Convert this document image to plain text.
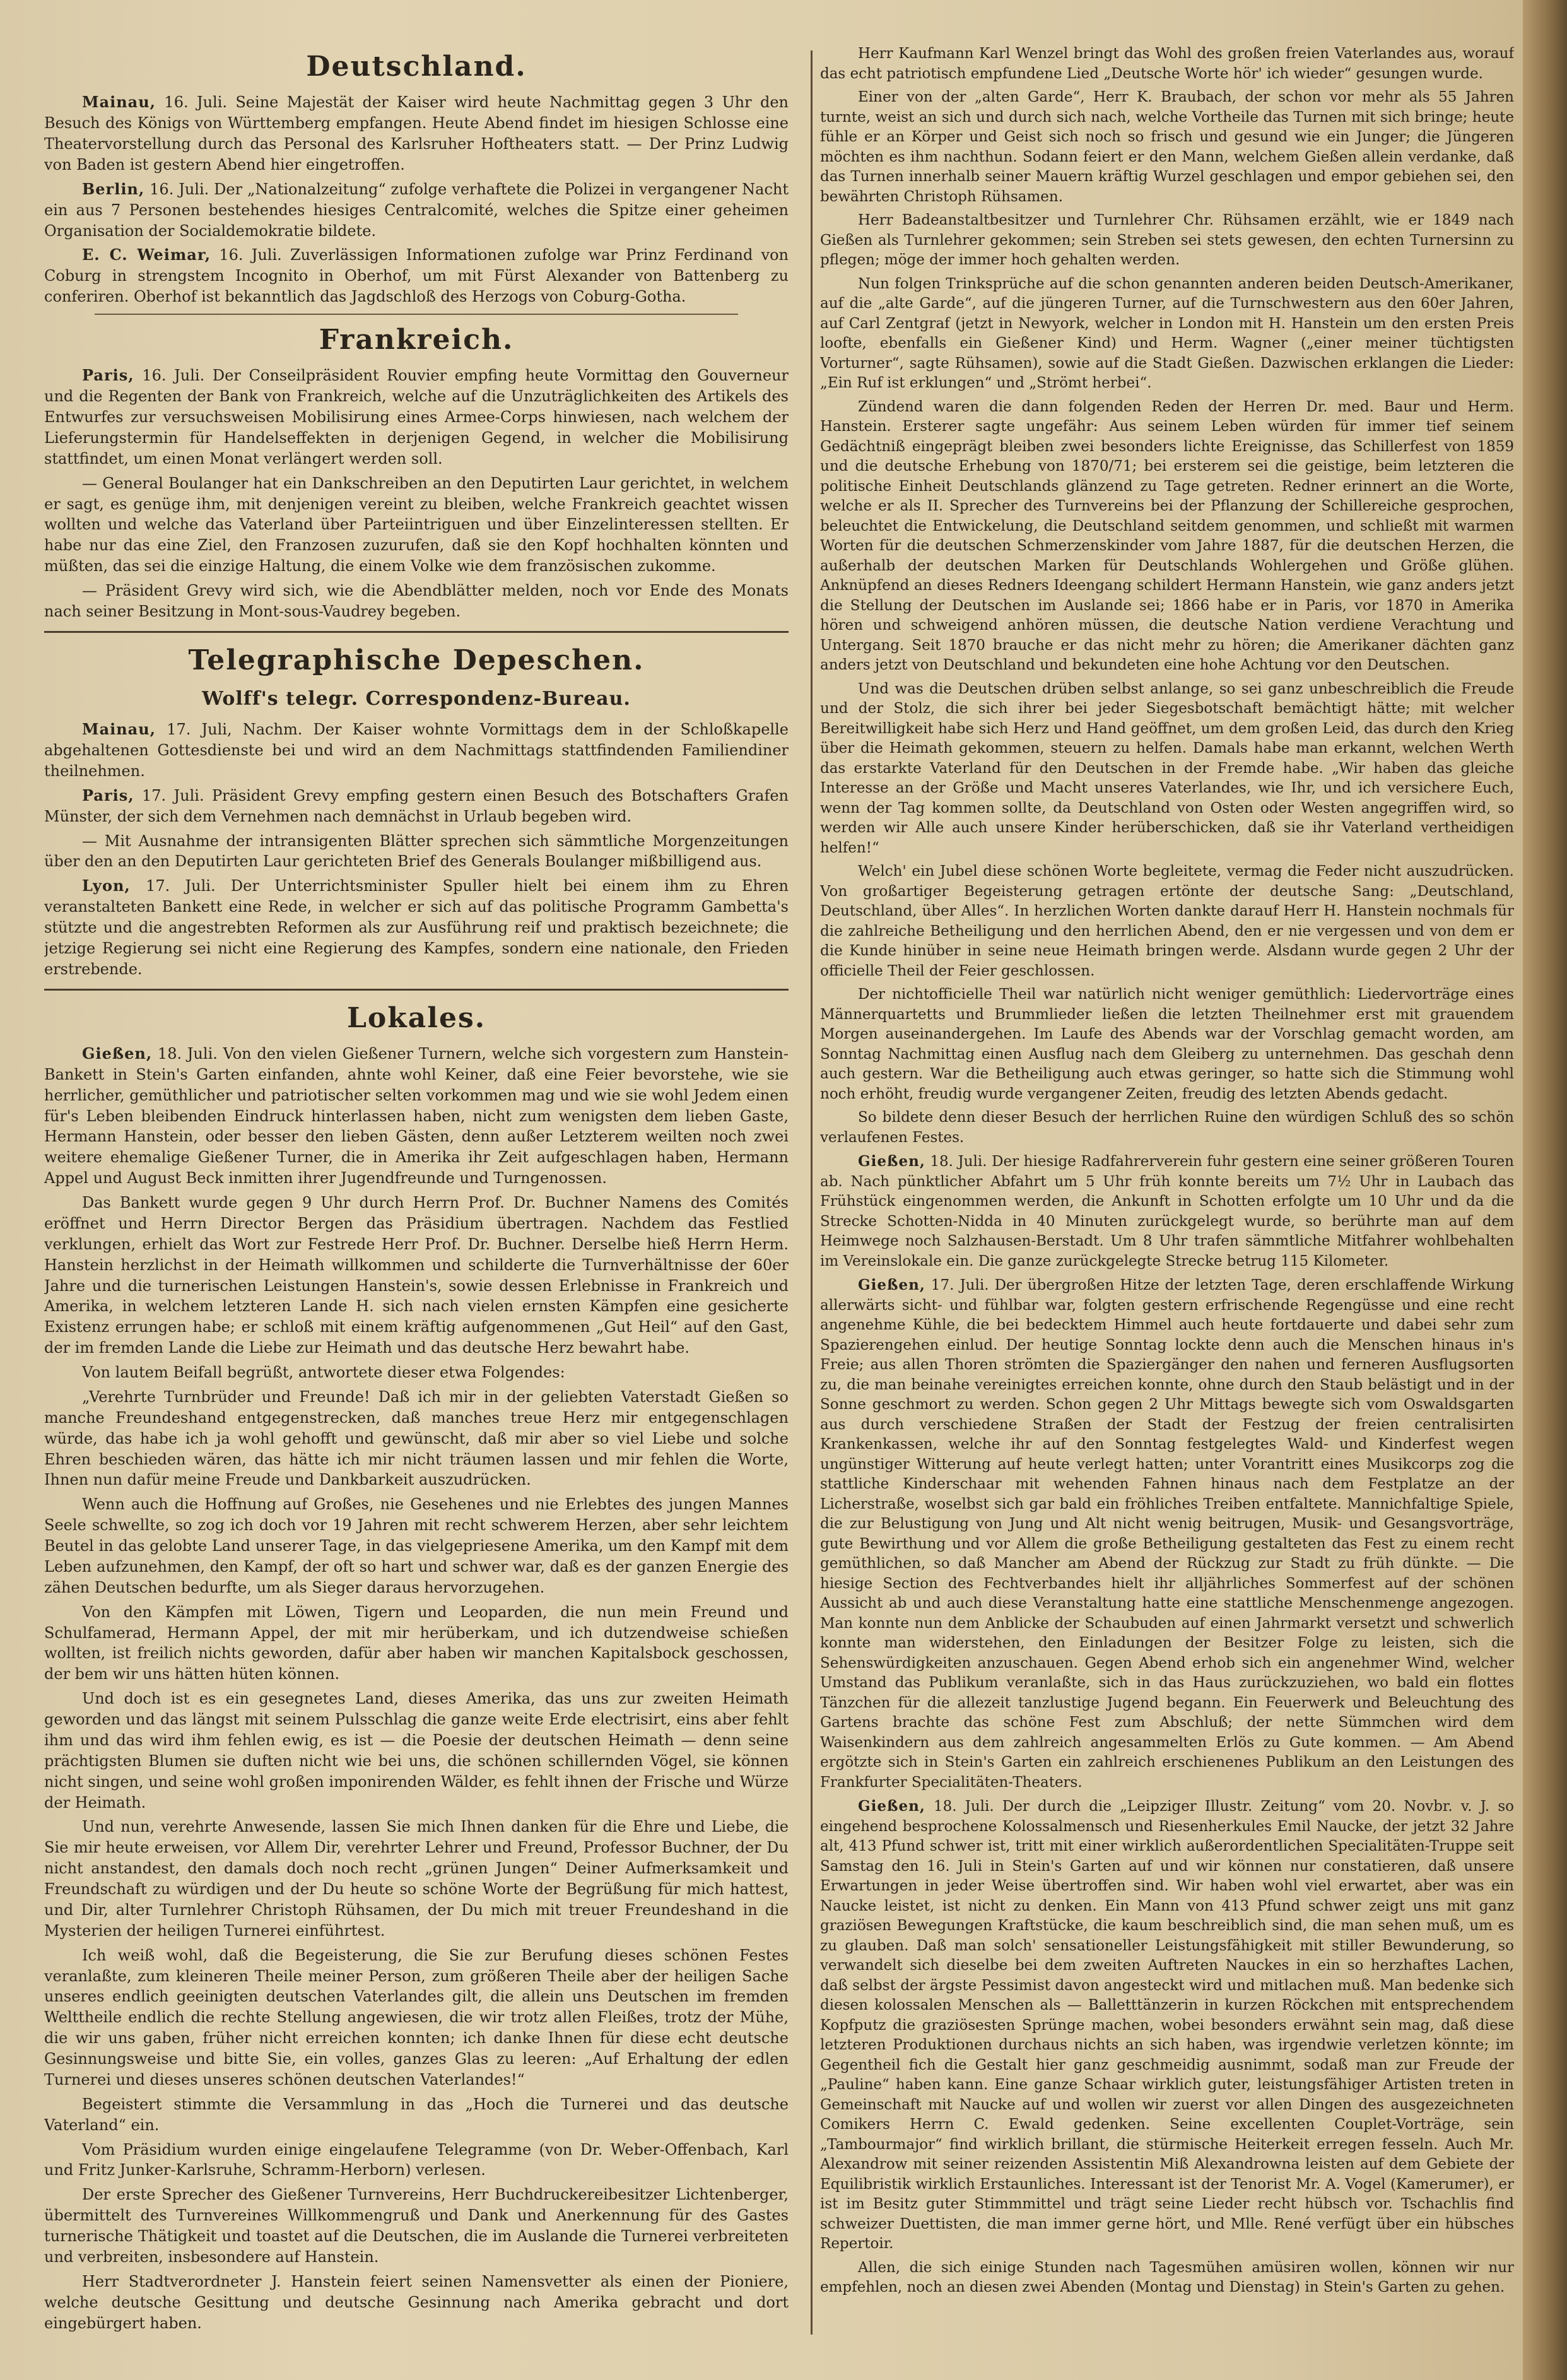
Deutschland.

Mainau, 16. Juli. Seine Majestät der Kaiser wird heute Nachmittag gegen 3 Uhr den Besuch des Königs von Württemberg empfangen. Heute Abend findet im hiesigen Schlosse eine Theatervorstellung durch das Personal des Karlsruher Hoftheaters statt. — Der Prinz Ludwig von Baden ist gestern Abend hier eingetroffen.

Berlin, 16. Juli. Der „Nationalzeitung“ zufolge verhaftete die Polizei in vergangener Nacht ein aus 7 Personen bestehendes hiesiges Centralcomité, welches die Spitze einer geheimen Organisation der Socialdemokratie bildete.

E. C. Weimar, 16. Juli. Zuverlässigen Informationen zufolge war Prinz Ferdinand von Coburg in strengstem Incognito in Oberhof, um mit Fürst Alexander von Battenberg zu conferiren. Oberhof ist bekanntlich das Jagdschloß des Herzogs von Coburg-Gotha.

Frankreich.

Paris, 16. Juli. Der Conseilpräsident Rouvier empfing heute Vormittag den Gouverneur und die Regenten der Bank von Frankreich, welche auf die Unzuträglichkeiten des Artikels des Entwurfes zur versuchsweisen Mobilisirung eines Armee-Corps hinwiesen, nach welchem der Lieferungstermin für Handelseffekten in derjenigen Gegend, in welcher die Mobilisirung stattfindet, um einen Monat verlängert werden soll.

— General Boulanger hat ein Dankschreiben an den Deputirten Laur gerichtet, in welchem er sagt, es genüge ihm, mit denjenigen vereint zu bleiben, welche Frankreich geachtet wissen wollten und welche das Vaterland über Parteiintriguen und über Einzelinteressen stellten. Er habe nur das eine Ziel, den Franzosen zuzurufen, daß sie den Kopf hochhalten könnten und müßten, das sei die einzige Haltung, die einem Volke wie dem französischen zukomme.

— Präsident Grevy wird sich, wie die Abendblätter melden, noch vor Ende des Monats nach seiner Besitzung in Mont-sous-Vaudrey begeben.

Telegraphische Depeschen.
Wolff's telegr. Correspondenz-Bureau.

Mainau, 17. Juli, Nachm. Der Kaiser wohnte Vormittags dem in der Schloßkapelle abgehaltenen Gottesdienste bei und wird an dem Nachmittags stattfindenden Familiendiner theilnehmen.

Paris, 17. Juli. Präsident Grevy empfing gestern einen Besuch des Botschafters Grafen Münster, der sich dem Vernehmen nach demnächst in Urlaub begeben wird.

— Mit Ausnahme der intransigenten Blätter sprechen sich sämmtliche Morgenzeitungen über den an den Deputirten Laur gerichteten Brief des Generals Boulanger mißbilligend aus.

Lyon, 17. Juli. Der Unterrichtsminister Spuller hielt bei einem ihm zu Ehren veranstalteten Bankett eine Rede, in welcher er sich auf das politische Programm Gambetta's stützte und die angestrebten Reformen als zur Ausführung reif und praktisch bezeichnete; die jetzige Regierung sei nicht eine Regierung des Kampfes, sondern eine nationale, den Frieden erstrebende.

Lokales.

Gießen, 18. Juli. Von den vielen Gießener Turnern, welche sich vorgestern zum Hanstein-Bankett in Stein's Garten einfanden, ahnte wohl Keiner, daß eine Feier bevorstehe, wie sie herrlicher, gemüthlicher und patriotischer selten vorkommen mag und wie sie wohl Jedem einen für's Leben bleibenden Eindruck hinterlassen haben, nicht zum wenigsten dem lieben Gaste, Hermann Hanstein, oder besser den lieben Gästen, denn außer Letzterem weilten noch zwei weitere ehemalige Gießener Turner, die in Amerika ihr Zeit aufgeschlagen haben, Hermann Appel und August Beck inmitten ihrer Jugendfreunde und Turngenossen.

Das Bankett wurde gegen 9 Uhr durch Herrn Prof. Dr. Buchner Namens des Comités eröffnet und Herrn Director Bergen das Präsidium übertragen. Nachdem das Festlied verklungen, erhielt das Wort zur Festrede Herr Prof. Dr. Buchner. Derselbe hieß Herrn Herm. Hanstein herzlichst in der Heimath willkommen und schilderte die Turnverhältnisse der 60er Jahre und die turnerischen Leistungen Hanstein's, sowie dessen Erlebnisse in Frankreich und Amerika, in welchem letzteren Lande H. sich nach vielen ernsten Kämpfen eine gesicherte Existenz errungen habe; er schloß mit einem kräftig aufgenommenen „Gut Heil“ auf den Gast, der im fremden Lande die Liebe zur Heimath und das deutsche Herz bewahrt habe.

Von lautem Beifall begrüßt, antwortete dieser etwa Folgendes:

„Verehrte Turnbrüder und Freunde! Daß ich mir in der geliebten Vaterstadt Gießen so manche Freundeshand entgegenstrecken, daß manches treue Herz mir entgegenschlagen würde, das habe ich ja wohl gehofft und gewünscht, daß mir aber so viel Liebe und solche Ehren beschieden wären, das hätte ich mir nicht träumen lassen und mir fehlen die Worte, Ihnen nun dafür meine Freude und Dankbarkeit auszudrücken.

Wenn auch die Hoffnung auf Großes, nie Gesehenes und nie Erlebtes des jungen Mannes Seele schwellte, so zog ich doch vor 19 Jahren mit recht schwerem Herzen, aber sehr leichtem Beutel in das gelobte Land unserer Tage, in das vielgepriesene Amerika, um den Kampf mit dem Leben aufzunehmen, den Kampf, der oft so hart und schwer war, daß es der ganzen Energie des zähen Deutschen bedurfte, um als Sieger daraus hervorzugehen.

Von den Kämpfen mit Löwen, Tigern und Leoparden, die nun mein Freund und Schulfamerad, Hermann Appel, der mit mir herüberkam, und ich dutzendweise schießen wollten, ist freilich nichts geworden, dafür aber haben wir manchen Kapitalsbock geschossen, der bem wir uns hätten hüten können.

Und doch ist es ein gesegnetes Land, dieses Amerika, das uns zur zweiten Heimath geworden und das längst mit seinem Pulsschlag die ganze weite Erde electrisirt, eins aber fehlt ihm und das wird ihm fehlen ewig, es ist — die Poesie der deutschen Heimath — denn seine prächtigsten Blumen sie duften nicht wie bei uns, die schönen schillernden Vögel, sie können nicht singen, und seine wohl großen imponirenden Wälder, es fehlt ihnen der Frische und Würze der Heimath.

Und nun, verehrte Anwesende, lassen Sie mich Ihnen danken für die Ehre und Liebe, die Sie mir heute erweisen, vor Allem Dir, verehrter Lehrer und Freund, Professor Buchner, der Du nicht anstandest, den damals doch noch recht „grünen Jungen“ Deiner Aufmerksamkeit und Freundschaft zu würdigen und der Du heute so schöne Worte der Begrüßung für mich hattest, und Dir, alter Turnlehrer Christoph Rühsamen, der Du mich mit treuer Freundeshand in die Mysterien der heiligen Turnerei einführtest.

Ich weiß wohl, daß die Begeisterung, die Sie zur Berufung dieses schönen Festes veranlaßte, zum kleineren Theile meiner Person, zum größeren Theile aber der heiligen Sache unseres endlich geeinigten deutschen Vaterlandes gilt, die allein uns Deutschen im fremden Welttheile endlich die rechte Stellung angewiesen, die wir trotz allen Fleißes, trotz der Mühe, die wir uns gaben, früher nicht erreichen konnten; ich danke Ihnen für diese echt deutsche Gesinnungsweise und bitte Sie, ein volles, ganzes Glas zu leeren: „Auf Erhaltung der edlen Turnerei und dieses unseres schönen deutschen Vaterlandes!“

Begeistert stimmte die Versammlung in das „Hoch die Turnerei und das deutsche Vaterland“ ein.

Vom Präsidium wurden einige eingelaufene Telegramme (von Dr. Weber-Offenbach, Karl und Fritz Junker-Karlsruhe, Schramm-Herborn) verlesen.

Der erste Sprecher des Gießener Turnvereins, Herr Buchdruckereibesitzer Lichtenberger, übermittelt des Turnvereines Willkommengruß und Dank und Anerkennung für des Gastes turnerische Thätigkeit und toastet auf die Deutschen, die im Auslande die Turnerei verbreiteten und verbreiten, insbesondere auf Hanstein.

Herr Stadtverordneter J. Hanstein feiert seinen Namensvetter als einen der Pioniere, welche deutsche Gesittung und deutsche Gesinnung nach Amerika gebracht und dort eingebürgert haben.

Herr Kaufmann Karl Wenzel bringt das Wohl des großen freien Vaterlandes aus, worauf das echt patriotisch empfundene Lied „Deutsche Worte hör' ich wieder“ gesungen wurde.

Einer von der „alten Garde“, Herr K. Braubach, der schon vor mehr als 55 Jahren turnte, weist an sich und durch sich nach, welche Vortheile das Turnen mit sich bringe; heute fühle er an Körper und Geist sich noch so frisch und gesund wie ein Junger; die Jüngeren möchten es ihm nachthun. Sodann feiert er den Mann, welchem Gießen allein verdanke, daß das Turnen innerhalb seiner Mauern kräftig Wurzel geschlagen und empor gebiehen sei, den bewährten Christoph Rühsamen.

Herr Badeanstaltbesitzer und Turnlehrer Chr. Rühsamen erzählt, wie er 1849 nach Gießen als Turnlehrer gekommen; sein Streben sei stets gewesen, den echten Turnersinn zu pflegen; möge der immer hoch gehalten werden.

Nun folgen Trinksprüche auf die schon genannten anderen beiden Deutsch-Amerikaner, auf die „alte Garde“, auf die jüngeren Turner, auf die Turnschwestern aus den 60er Jahren, auf Carl Zentgraf (jetzt in Newyork, welcher in London mit H. Hanstein um den ersten Preis loofte, ebenfalls ein Gießener Kind) und Herm. Wagner („einer meiner tüchtigsten Vorturner“, sagte Rühsamen), sowie auf die Stadt Gießen. Dazwischen erklangen die Lieder: „Ein Ruf ist erklungen“ und „Strömt herbei“.

Zündend waren die dann folgenden Reden der Herren Dr. med. Baur und Herm. Hanstein. Ersterer sagte ungefähr: Aus seinem Leben würden für immer tief seinem Gedächtniß eingeprägt bleiben zwei besonders lichte Ereignisse, das Schillerfest von 1859 und die deutsche Erhebung von 1870/71; bei ersterem sei die geistige, beim letzteren die politische Einheit Deutschlands glänzend zu Tage getreten. Redner erinnert an die Worte, welche er als II. Sprecher des Turnvereins bei der Pflanzung der Schillereiche gesprochen, beleuchtet die Entwickelung, die Deutschland seitdem genommen, und schließt mit warmen Worten für die deutschen Schmerzenskinder vom Jahre 1887, für die deutschen Herzen, die außerhalb der deutschen Marken für Deutschlands Wohlergehen und Größe glühen. Anknüpfend an dieses Redners Ideengang schildert Hermann Hanstein, wie ganz anders jetzt die Stellung der Deutschen im Auslande sei; 1866 habe er in Paris, vor 1870 in Amerika hören und schweigend anhören müssen, die deutsche Nation verdiene Verachtung und Untergang. Seit 1870 brauche er das nicht mehr zu hören; die Amerikaner dächten ganz anders jetzt von Deutschland und bekundeten eine hohe Achtung vor den Deutschen.

Und was die Deutschen drüben selbst anlange, so sei ganz unbeschreiblich die Freude und der Stolz, die sich ihrer bei jeder Siegesbotschaft bemächtigt hätte; mit welcher Bereitwilligkeit habe sich Herz und Hand geöffnet, um dem großen Leid, das durch den Krieg über die Heimath gekommen, steuern zu helfen. Damals habe man erkannt, welchen Werth das erstarkte Vaterland für den Deutschen in der Fremde habe. „Wir haben das gleiche Interesse an der Größe und Macht unseres Vaterlandes, wie Ihr, und ich versichere Euch, wenn der Tag kommen sollte, da Deutschland von Osten oder Westen angegriffen wird, so werden wir Alle auch unsere Kinder herüberschicken, daß sie ihr Vaterland vertheidigen helfen!“

Welch' ein Jubel diese schönen Worte begleitete, vermag die Feder nicht auszudrücken. Von großartiger Begeisterung getragen ertönte der deutsche Sang: „Deutschland, Deutschland, über Alles“. In herzlichen Worten dankte darauf Herr H. Hanstein nochmals für die zahlreiche Betheiligung und den herrlichen Abend, den er nie vergessen und von dem er die Kunde hinüber in seine neue Heimath bringen werde. Alsdann wurde gegen 2 Uhr der officielle Theil der Feier geschlossen.

Der nichtofficielle Theil war natürlich nicht weniger gemüthlich: Liedervorträge eines Männerquartetts und Brummlieder ließen die letzten Theilnehmer erst mit grauendem Morgen auseinandergehen. Im Laufe des Abends war der Vorschlag gemacht worden, am Sonntag Nachmittag einen Ausflug nach dem Gleiberg zu unternehmen. Das geschah denn auch gestern. War die Betheiligung auch etwas geringer, so hatte sich die Stimmung wohl noch erhöht, freudig wurde vergangener Zeiten, freudig des letzten Abends gedacht.

So bildete denn dieser Besuch der herrlichen Ruine den würdigen Schluß des so schön verlaufenen Festes.

Gießen, 18. Juli. Der hiesige Radfahrerverein fuhr gestern eine seiner größeren Touren ab. Nach pünktlicher Abfahrt um 5 Uhr früh konnte bereits um 7½ Uhr in Laubach das Frühstück eingenommen werden, die Ankunft in Schotten erfolgte um 10 Uhr und da die Strecke Schotten-Nidda in 40 Minuten zurückgelegt wurde, so berührte man auf dem Heimwege noch Salzhausen-Berstadt. Um 8 Uhr trafen sämmtliche Mitfahrer wohlbehalten im Vereinslokale ein. Die ganze zurückgelegte Strecke betrug 115 Kilometer.

Gießen, 17. Juli. Der übergroßen Hitze der letzten Tage, deren erschlaffende Wirkung allerwärts sicht- und fühlbar war, folgten gestern erfrischende Regengüsse und eine recht angenehme Kühle, die bei bedecktem Himmel auch heute fortdauerte und dabei sehr zum Spazierengehen einlud. Der heutige Sonntag lockte denn auch die Menschen hinaus in's Freie; aus allen Thoren strömten die Spaziergänger den nahen und ferneren Ausflugsorten zu, die man beinahe vereinigtes erreichen konnte, ohne durch den Staub belästigt und in der Sonne geschmort zu werden. Schon gegen 2 Uhr Mittags bewegte sich vom Oswaldsgarten aus durch verschiedene Straßen der Stadt der Festzug der freien centralisirten Krankenkassen, welche ihr auf den Sonntag festgelegtes Wald- und Kinderfest wegen ungünstiger Witterung auf heute verlegt hatten; unter Vorantritt eines Musikcorps zog die stattliche Kinderschaar mit wehenden Fahnen hinaus nach dem Festplatze an der Licherstraße, woselbst sich gar bald ein fröhliches Treiben entfaltete. Mannichfaltige Spiele, die zur Belustigung von Jung und Alt nicht wenig beitrugen, Musik- und Gesangsvorträge, gute Bewirthung und vor Allem die große Betheiligung gestalteten das Fest zu einem recht gemüthlichen, so daß Mancher am Abend der Rückzug zur Stadt zu früh dünkte. — Die hiesige Section des Fechtverbandes hielt ihr alljährliches Sommerfest auf der schönen Aussicht ab und auch diese Veranstaltung hatte eine stattliche Menschenmenge angezogen. Man konnte nun dem Anblicke der Schaubuden auf einen Jahrmarkt versetzt und schwerlich konnte man widerstehen, den Einladungen der Besitzer Folge zu leisten, sich die Sehenswürdigkeiten anzuschauen. Gegen Abend erhob sich ein angenehmer Wind, welcher Umstand das Publikum veranlaßte, sich in das Haus zurückzuziehen, wo bald ein flottes Tänzchen für die allezeit tanzlustige Jugend begann. Ein Feuerwerk und Beleuchtung des Gartens brachte das schöne Fest zum Abschluß; der nette Sümmchen wird dem Waisenkindern aus dem zahlreich angesammelten Erlös zu Gute kommen. — Am Abend ergötzte sich in Stein's Garten ein zahlreich erschienenes Publikum an den Leistungen des Frankfurter Specialitäten-Theaters.

Gießen, 18. Juli. Der durch die „Leipziger Illustr. Zeitung“ vom 20. Novbr. v. J. so eingehend besprochene Kolossalmensch und Riesenherkules Emil Naucke, der jetzt 32 Jahre alt, 413 Pfund schwer ist, tritt mit einer wirklich außerordentlichen Specialitäten-Truppe seit Samstag den 16. Juli in Stein's Garten auf und wir können nur constatieren, daß unsere Erwartungen in jeder Weise übertroffen sind. Wir haben wohl viel erwartet, aber was ein Naucke leistet, ist nicht zu denken. Ein Mann von 413 Pfund schwer zeigt uns mit ganz graziösen Bewegungen Kraftstücke, die kaum beschreiblich sind, die man sehen muß, um es zu glauben. Daß man solch' sensationeller Leistungsfähigkeit mit stiller Bewunderung, so verwandelt sich dieselbe bei dem zweiten Auftreten Nauckes in ein so herzhaftes Lachen, daß selbst der ärgste Pessimist davon angesteckt wird und mitlachen muß. Man bedenke sich diesen kolossalen Menschen als — Balletttänzerin in kurzen Röckchen mit entsprechendem Kopfputz die graziösesten Sprünge machen, wobei besonders erwähnt sein mag, daß diese letzteren Produktionen durchaus nichts an sich haben, was irgendwie verletzen könnte; im Gegentheil fich die Gestalt hier ganz geschmeidig ausnimmt, sodaß man zur Freude der „Pauline“ haben kann. Eine ganze Schaar wirklich guter, leistungsfähiger Artisten treten in Gemeinschaft mit Naucke auf und wollen wir zuerst vor allen Dingen des ausgezeichneten Comikers Herrn C. Ewald gedenken. Seine excellenten Couplet-Vorträge, sein „Tambourmajor“ find wirklich brillant, die stürmische Heiterkeit erregen fesseln. Auch Mr. Alexandrow mit seiner reizenden Assistentin Miß Alexandrowna leisten auf dem Gebiete der Equilibristik wirklich Erstaunliches. Interessant ist der Tenorist Mr. A. Vogel (Kamerumer), er ist im Besitz guter Stimmmittel und trägt seine Lieder recht hübsch vor. Tschachlis find schweizer Duettisten, die man immer gerne hört, und Mlle. René verfügt über ein hübsches Repertoir.

Allen, die sich einige Stunden nach Tagesmühen amüsiren wollen, können wir nur empfehlen, noch an diesen zwei Abenden (Montag und Dienstag) in Stein's Garten zu gehen.
